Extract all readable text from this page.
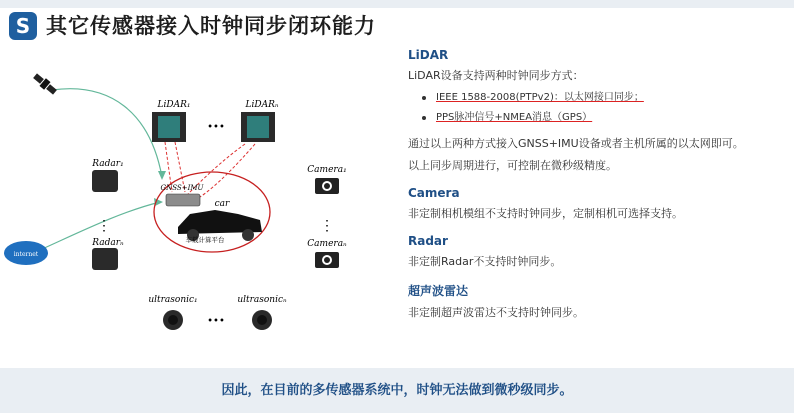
S 其它传感器接入时钟同步闭环能力
internet
LiDAR₁	LiDARₙ
•••
Radar₁
⋮
Radarₙ
Camera₁
⋮
Cameraₙ
ultrasonic₁	ultrasonicₙ
•••
GNSS+IMU
car
车载计算平台
LiDAR
LiDAR设备支持两种时钟同步方式：
IEEE 1588-2008(PTPv2)：以太网接口同步；
PPS脉冲信号+NMEA消息（GPS）
通过以上两种方式接入GNSS+IMU设备或者主机所属的以太网即可。
以上同步周期进行，可控制在微秒级精度。
Camera
非定制相机模组不支持时钟同步，定制相机可选择支持。
Radar
非定制Radar不支持时钟同步。
超声波雷达
非定制超声波雷达不支持时钟同步。
因此，在目前的多传感器系统中，时钟无法做到微秒级同步。
